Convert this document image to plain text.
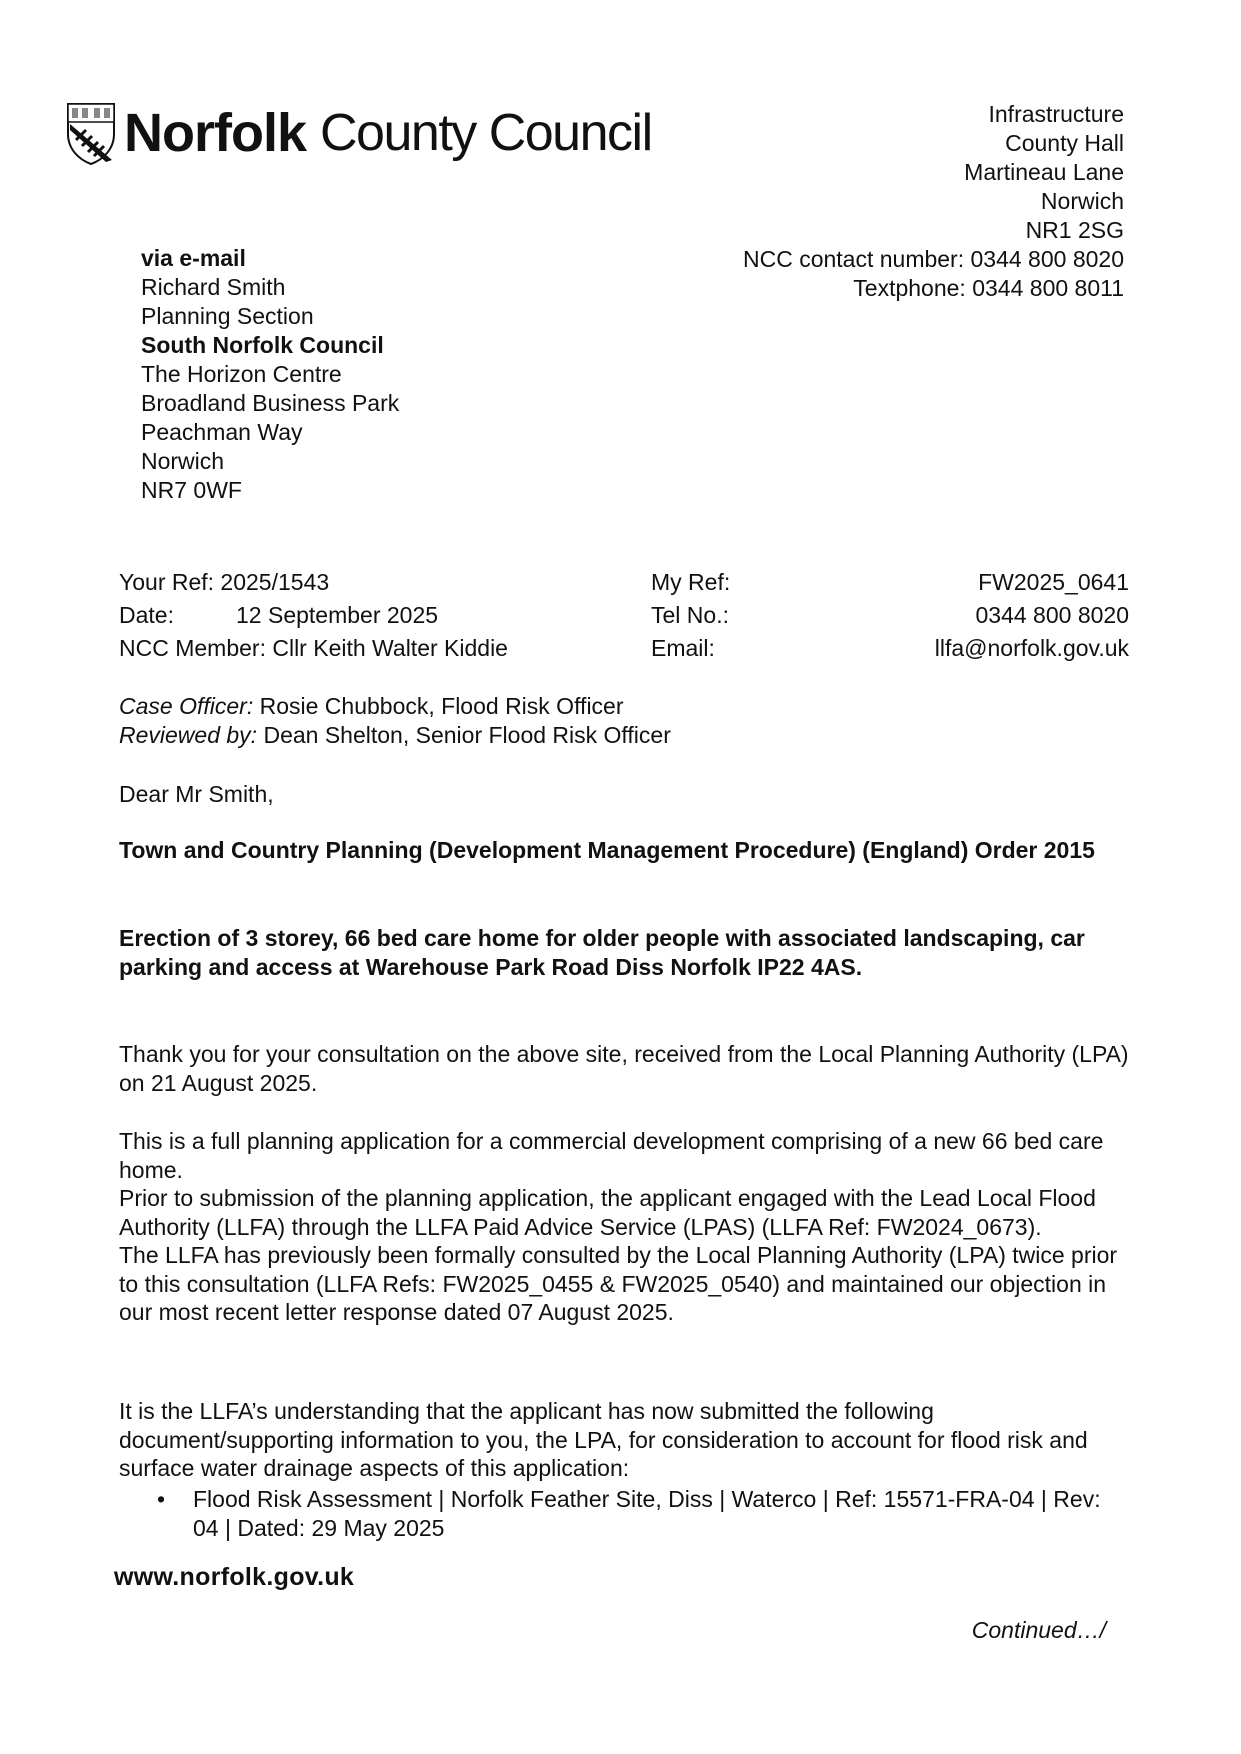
Norfolk County Council	Infrastructure
County Hall
Martineau Lane
Norwich
NR1 2SG
NCC contact number: 0344 800 8020
Textphone: 0344 800 8011
via e-mail
Richard Smith
Planning Section
South Norfolk Council
The Horizon Centre
Broadland Business Park
Peachman Way
Norwich
NR7 0WF
Your Ref: 2025/1543	My Ref:	FW2025_0641
Date:	12 September 2025	Tel No.:	0344 800 8020
NCC Member: Cllr Keith Walter Kiddie	Email:	llfa@norfolk.gov.uk
Case Officer: Rosie Chubbock, Flood Risk Officer
Reviewed by: Dean Shelton, Senior Flood Risk Officer
Dear Mr Smith,
Town and Country Planning (Development Management Procedure) (England) Order 2015
Erection of 3 storey, 66 bed care home for older people with associated landscaping, car parking and access at Warehouse Park Road Diss Norfolk IP22 4AS.
Thank you for your consultation on the above site, received from the Local Planning Authority (LPA) on 21 August 2025.
This is a full planning application for a commercial development comprising of a new 66 bed care home.
Prior to submission of the planning application, the applicant engaged with the Lead Local Flood Authority (LLFA) through the LLFA Paid Advice Service (LPAS) (LLFA Ref: FW2024_0673).
The LLFA has previously been formally consulted by the Local Planning Authority (LPA) twice prior to this consultation (LLFA Refs: FW2025_0455 & FW2025_0540) and maintained our objection in our most recent letter response dated 07 August 2025.
It is the LLFA’s understanding that the applicant has now submitted the following document/supporting information to you, the LPA, for consideration to account for flood risk and surface water drainage aspects of this application:
•	Flood Risk Assessment | Norfolk Feather Site, Diss | Waterco | Ref: 15571-FRA-04 | Rev: 04 | Dated: 29 May 2025
www.norfolk.gov.uk
Continued…/
